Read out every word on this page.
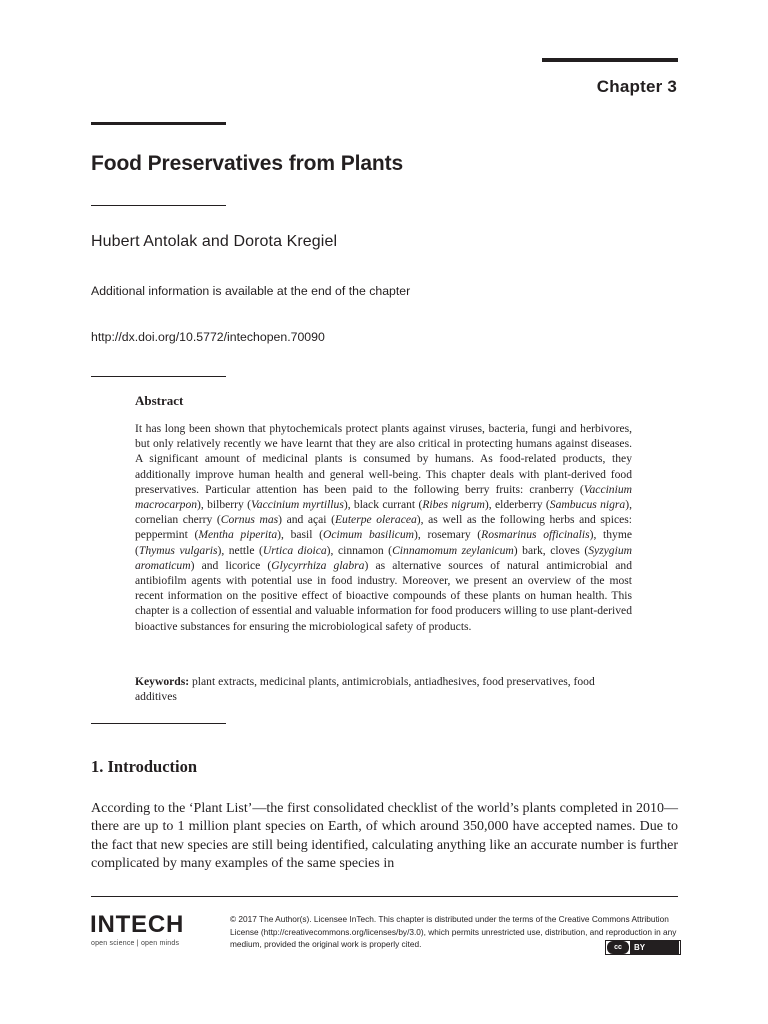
Chapter 3
Food Preservatives from Plants
Hubert Antolak and Dorota Kregiel
Additional information is available at the end of the chapter
http://dx.doi.org/10.5772/intechopen.70090
Abstract
It has long been shown that phytochemicals protect plants against viruses, bacteria, fungi and herbivores, but only relatively recently we have learnt that they are also critical in protecting humans against diseases. A significant amount of medicinal plants is consumed by humans. As food-related products, they additionally improve human health and general well-being. This chapter deals with plant-derived food preservatives. Particular attention has been paid to the following berry fruits: cranberry (Vaccinium macrocarpon), bilberry (Vaccinium myrtillus), black currant (Ribes nigrum), elderberry (Sambucus nigra), cornelian cherry (Cornus mas) and açai (Euterpe oleracea), as well as the following herbs and spices: peppermint (Mentha piperita), basil (Ocimum basilicum), rosemary (Rosmarinus officinalis), thyme (Thymus vulgaris), nettle (Urtica dioica), cinnamon (Cinnamomum zeylanicum) bark, cloves (Syzygium aromaticum) and licorice (Glycyrrhiza glabra) as alternative sources of natural antimicrobial and antibiofilm agents with potential use in food industry. Moreover, we present an overview of the most recent information on the positive effect of bioactive compounds of these plants on human health. This chapter is a collection of essential and valuable information for food producers willing to use plant-derived bioactive substances for ensuring the microbiological safety of products.
Keywords: plant extracts, medicinal plants, antimicrobials, antiadhesives, food preservatives, food additives
1. Introduction
According to the ‘Plant List’—the first consolidated checklist of the world’s plants completed in 2010—there are up to 1 million plant species on Earth, of which around 350,000 have accepted names. Due to the fact that new species are still being identified, calculating anything like an accurate number is further complicated by many examples of the same species in
INTECH
open science | open minds
© 2017 The Author(s). Licensee InTech. This chapter is distributed under the terms of the Creative Commons Attribution License (http://creativecommons.org/licenses/by/3.0), which permits unrestricted use, distribution, and reproduction in any medium, provided the original work is properly cited.	cc	BY
